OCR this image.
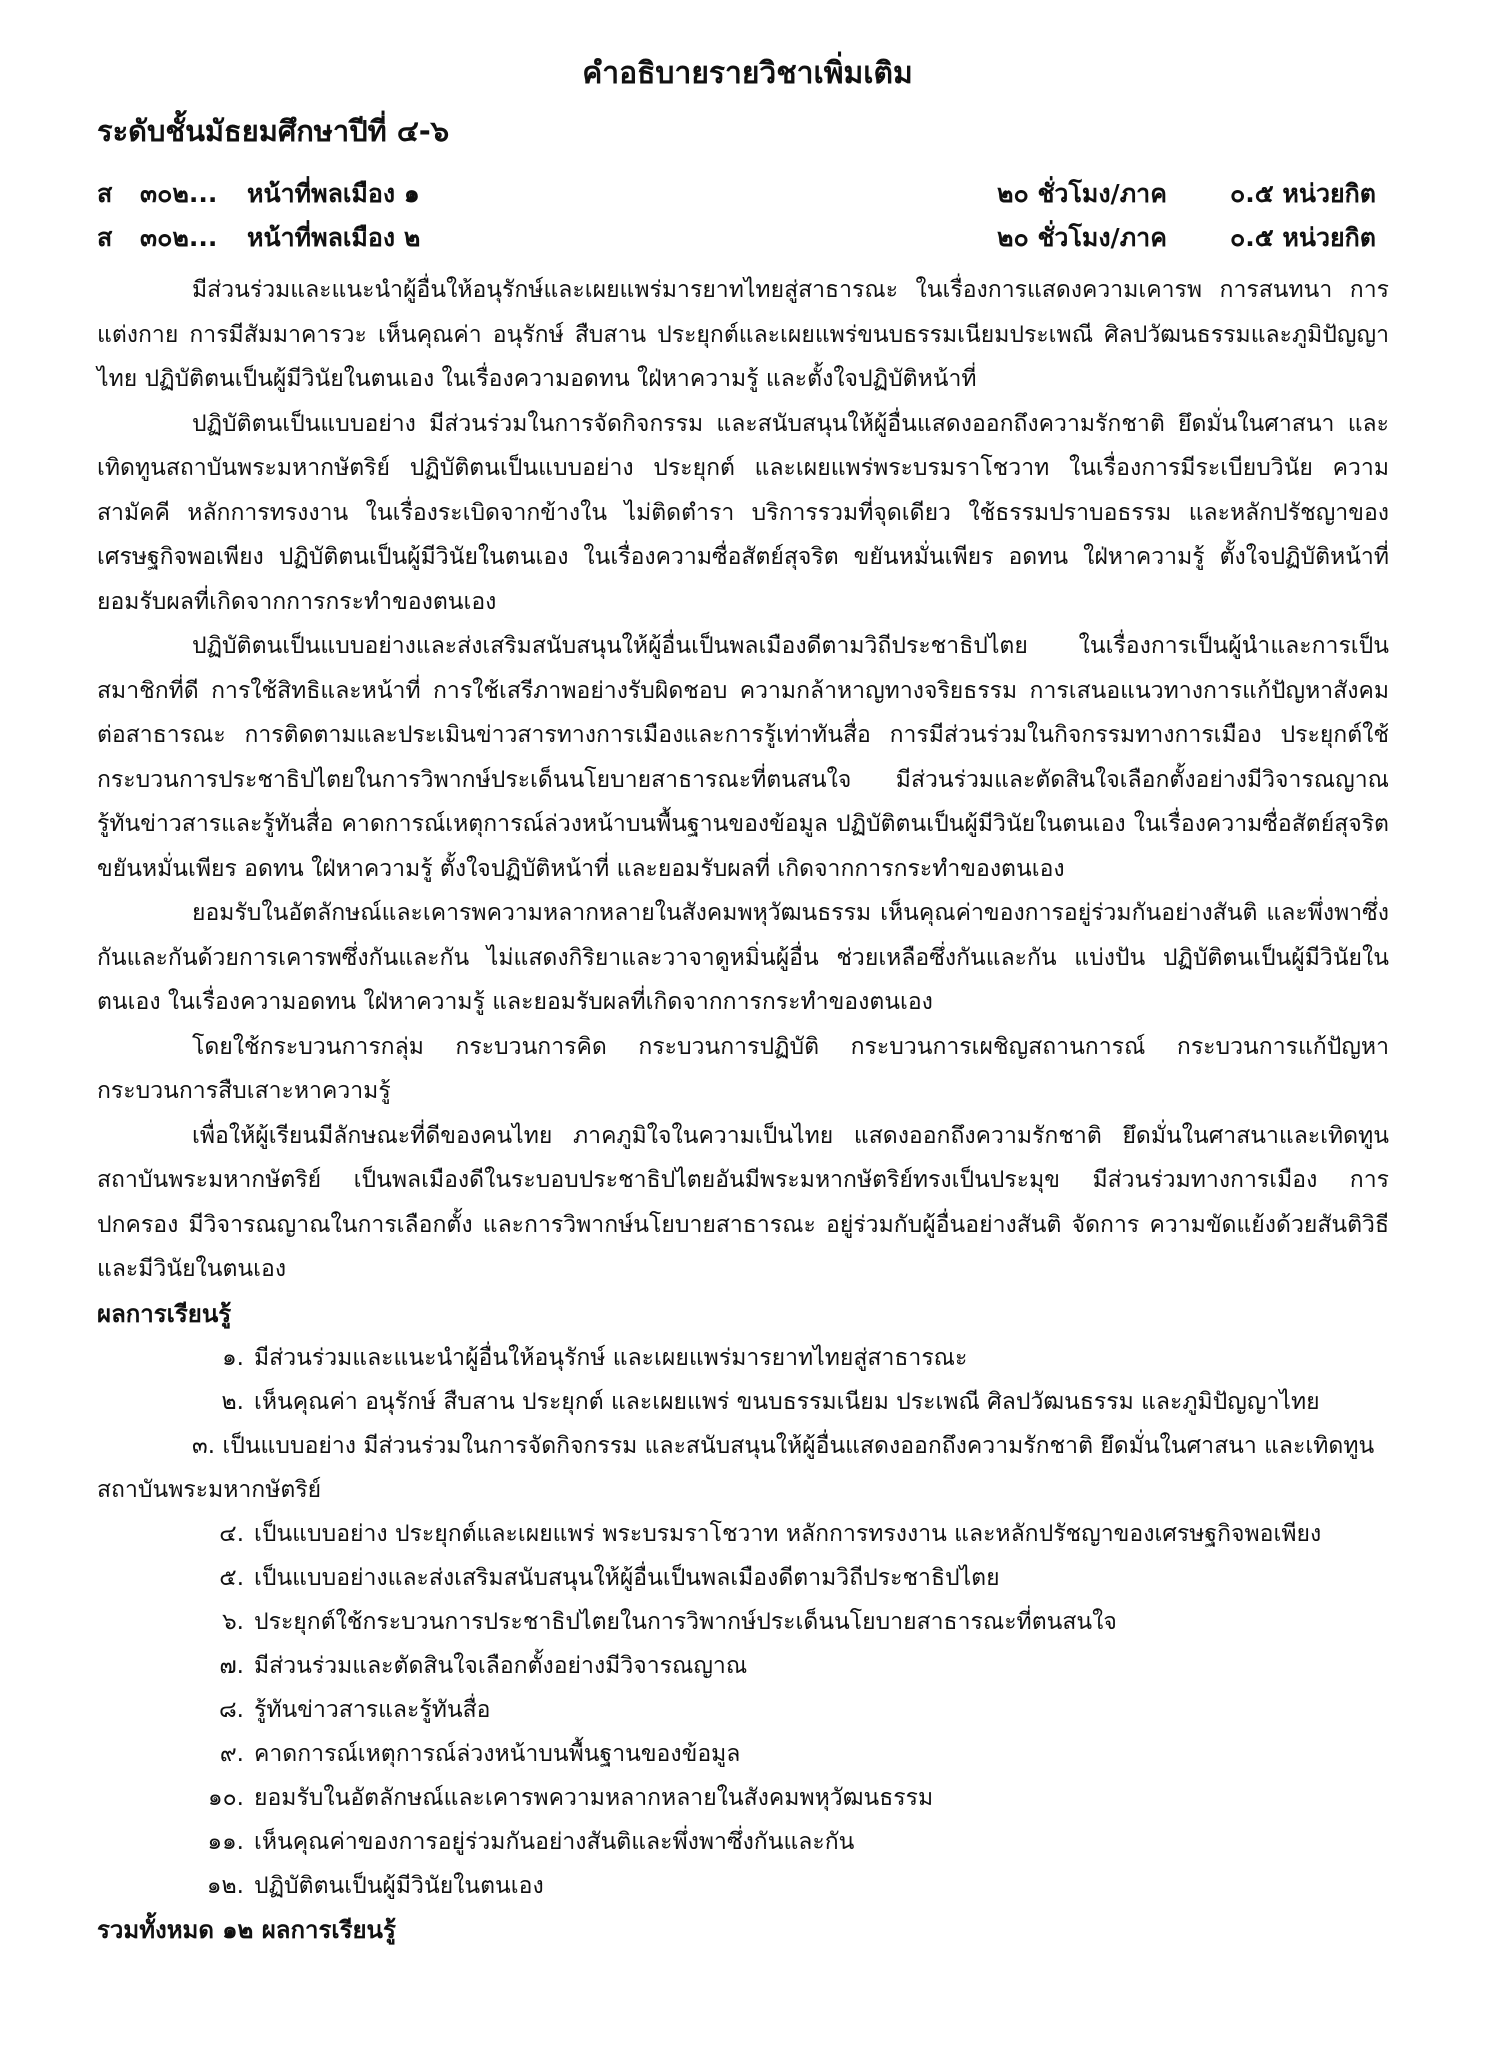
คำอธิบายรายวิชาเพิ่มเติม
ระดับชั้นมัธยมศึกษาปีที่ ๔-๖
ส ๓๐๒... หน้าที่พลเมือง ๑	๒๐ ชั่วโมง/ภาค	๐.๕ หน่วยกิต
ส ๓๐๒... หน้าที่พลเมือง ๒	๒๐ ชั่วโมง/ภาค	๐.๕ หน่วยกิต

มีส่วนร่วมและแนะนำผู้อื่นให้อนุรักษ์และเผยแพร่มารยาทไทยสู่สาธารณะ ในเรื่องการแสดงความเคารพ การสนทนา การแต่งกาย การมีสัมมาคารวะ เห็นคุณค่า อนุรักษ์ สืบสาน ประยุกต์และเผยแพร่ขนบธรรมเนียมประเพณี ศิลปวัฒนธรรมและภูมิปัญญาไทย ปฏิบัติตนเป็นผู้มีวินัยในตนเอง ในเรื่องความอดทน ใฝ่หาความรู้ และตั้งใจปฏิบัติหน้าที่

ปฏิบัติตนเป็นแบบอย่าง มีส่วนร่วมในการจัดกิจกรรม และสนับสนุนให้ผู้อื่นแสดงออกถึงความรักชาติ ยึดมั่นในศาสนา และเทิดทูนสถาบันพระมหากษัตริย์ ปฏิบัติตนเป็นแบบอย่าง ประยุกต์ และเผยแพร่พระบรมราโชวาท ในเรื่องการมีระเบียบวินัย ความสามัคคี หลักการทรงงาน ในเรื่องระเบิดจากข้างใน ไม่ติดตำรา บริการรวมที่จุดเดียว ใช้ธรรมปราบอธรรม และหลักปรัชญาของเศรษฐกิจพอเพียง ปฏิบัติตนเป็นผู้มีวินัยในตนเอง ในเรื่องความซื่อสัตย์สุจริต ขยันหมั่นเพียร อดทน ใฝ่หาความรู้ ตั้งใจปฏิบัติหน้าที่ ยอมรับผลที่เกิดจากการกระทำของตนเอง

ปฏิบัติตนเป็นแบบอย่างและส่งเสริมสนับสนุนให้ผู้อื่นเป็นพลเมืองดีตามวิถีประชาธิปไตย ในเรื่องการเป็นผู้นำและการเป็นสมาชิกที่ดี การใช้สิทธิและหน้าที่ การใช้เสรีภาพอย่างรับผิดชอบ ความกล้าหาญทางจริยธรรม การเสนอแนวทางการแก้ปัญหาสังคมต่อสาธารณะ การติดตามและประเมินข่าวสารทางการเมืองและการรู้เท่าทันสื่อ การมีส่วนร่วมในกิจกรรมทางการเมือง ประยุกต์ใช้กระบวนการประชาธิปไตยในการวิพากษ์ประเด็นนโยบายสาธารณะที่ตนสนใจ มีส่วนร่วมและตัดสินใจเลือกตั้งอย่างมีวิจารณญาณ รู้ทันข่าวสารและรู้ทันสื่อ คาดการณ์เหตุการณ์ล่วงหน้าบนพื้นฐานของข้อมูล ปฏิบัติตนเป็นผู้มีวินัยในตนเอง ในเรื่องความซื่อสัตย์สุจริต ขยันหมั่นเพียร อดทน ใฝ่หาความรู้ ตั้งใจปฏิบัติหน้าที่ และยอมรับผลที่ เกิดจากการกระทำของตนเอง

ยอมรับในอัตลักษณ์และเคารพความหลากหลายในสังคมพหุวัฒนธรรม เห็นคุณค่าของการอยู่ร่วมกันอย่างสันติ และพึ่งพาซึ่งกันและกันด้วยการเคารพซึ่งกันและกัน ไม่แสดงกิริยาและวาจาดูหมิ่นผู้อื่น ช่วยเหลือซึ่งกันและกัน แบ่งปัน ปฏิบัติตนเป็นผู้มีวินัยในตนเอง ในเรื่องความอดทน ใฝ่หาความรู้ และยอมรับผลที่เกิดจากการกระทำของตนเอง

โดยใช้กระบวนการกลุ่ม กระบวนการคิด กระบวนการปฏิบัติ กระบวนการเผชิญสถานการณ์ กระบวนการแก้ปัญหา กระบวนการสืบเสาะหาความรู้

เพื่อให้ผู้เรียนมีลักษณะที่ดีของคนไทย ภาคภูมิใจในความเป็นไทย แสดงออกถึงความรักชาติ ยึดมั่นในศาสนาและเทิดทูนสถาบันพระมหากษัตริย์ เป็นพลเมืองดีในระบอบประชาธิปไตยอันมีพระมหากษัตริย์ทรงเป็นประมุข มีส่วนร่วมทางการเมือง การปกครอง มีวิจารณญาณในการเลือกตั้ง และการวิพากษ์นโยบายสาธารณะ อยู่ร่วมกับผู้อื่นอย่างสันติ จัดการ ความขัดแย้งด้วยสันติวิธี และมีวินัยในตนเอง

ผลการเรียนรู้
๑. มีส่วนร่วมและแนะนำผู้อื่นให้อนุรักษ์ และเผยแพร่มารยาทไทยสู่สาธารณะ
๒. เห็นคุณค่า อนุรักษ์ สืบสาน ประยุกต์ และเผยแพร่ ขนบธรรมเนียม ประเพณี ศิลปวัฒนธรรม และภูมิปัญญาไทย
๓. เป็นแบบอย่าง มีส่วนร่วมในการจัดกิจกรรม และสนับสนุนให้ผู้อื่นแสดงออกถึงความรักชาติ ยึดมั่นในศาสนา และเทิดทูนสถาบันพระมหากษัตริย์
๔. เป็นแบบอย่าง ประยุกต์และเผยแพร่ พระบรมราโชวาท หลักการทรงงาน และหลักปรัชญาของเศรษฐกิจพอเพียง
๕. เป็นแบบอย่างและส่งเสริมสนับสนุนให้ผู้อื่นเป็นพลเมืองดีตามวิถีประชาธิปไตย
๖. ประยุกต์ใช้กระบวนการประชาธิปไตยในการวิพากษ์ประเด็นนโยบายสาธารณะที่ตนสนใจ
๗. มีส่วนร่วมและตัดสินใจเลือกตั้งอย่างมีวิจารณญาณ
๘. รู้ทันข่าวสารและรู้ทันสื่อ
๙. คาดการณ์เหตุการณ์ล่วงหน้าบนพื้นฐานของข้อมูล
๑๐. ยอมรับในอัตลักษณ์และเคารพความหลากหลายในสังคมพหุวัฒนธรรม
๑๑. เห็นคุณค่าของการอยู่ร่วมกันอย่างสันติและพึ่งพาซึ่งกันและกัน
๑๒. ปฏิบัติตนเป็นผู้มีวินัยในตนเอง
รวมทั้งหมด ๑๒ ผลการเรียนรู้
